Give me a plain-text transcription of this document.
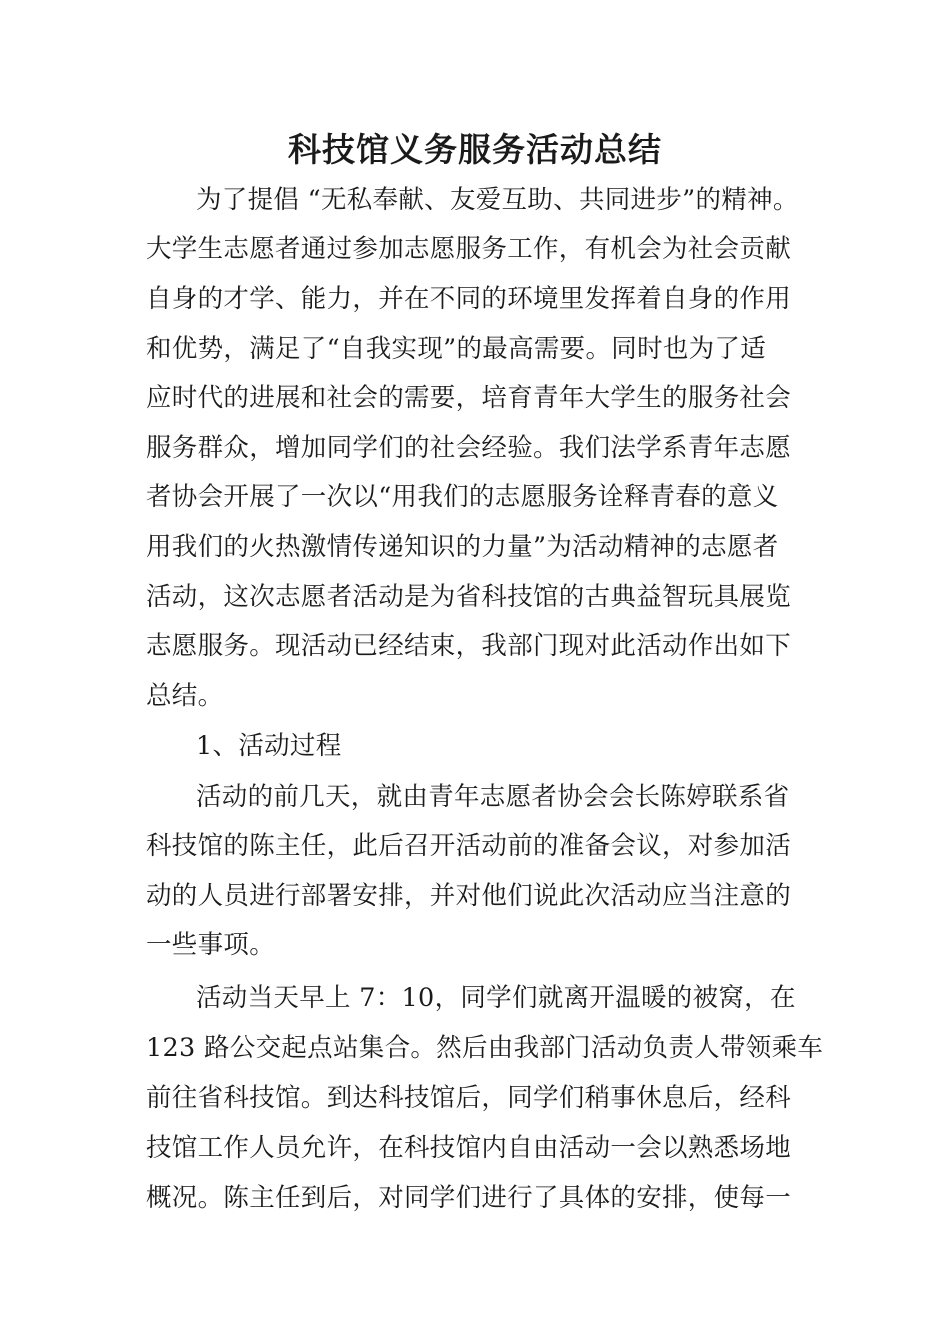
科技馆义务服务活动总结
为了提倡 “无私奉献、友爱互助、共同进步”的精神。
大学生志愿者通过参加志愿服务工作，有机会为社会贡献
自身的才学、能力，并在不同的环境里发挥着自身的作用
和优势，满足了“自我实现”的最高需要。同时也为了适
应时代的进展和社会的需要，培育青年大学生的服务社会
服务群众，增加同学们的社会经验。我们法学系青年志愿
者协会开展了一次以“用我们的志愿服务诠释青春的意义
用我们的火热激情传递知识的力量”为活动精神的志愿者
活动，这次志愿者活动是为省科技馆的古典益智玩具展览
志愿服务。现活动已经结束，我部门现对此活动作出如下
总结。
1、活动过程
活动的前几天，就由青年志愿者协会会长陈婷联系省
科技馆的陈主任，此后召开活动前的准备会议，对参加活
动的人员进行部署安排，并对他们说此次活动应当注意的
一些事项。
活动当天早上 7：10，同学们就离开温暖的被窝，在
123 路公交起点站集合。然后由我部门活动负责人带领乘车
前往省科技馆。到达科技馆后，同学们稍事休息后，经科
技馆工作人员允许，在科技馆内自由活动一会以熟悉场地
概况。陈主任到后，对同学们进行了具体的安排，使每一
